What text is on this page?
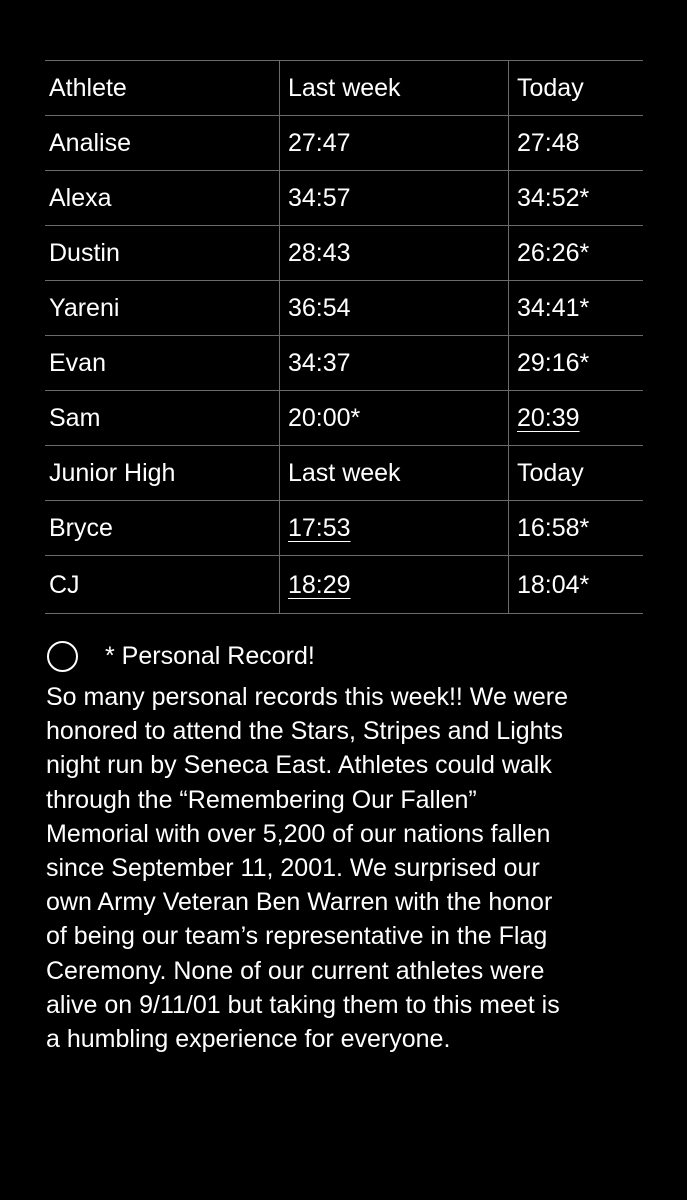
Athlete	Last week	Today
Analise	27:47	27:48
Alexa	34:57	34:52*
Dustin	28:43	26:26*
Yareni	36:54	34:41*
Evan	34:37	29:16*
Sam	20:00*	20:39
Junior High	Last week	Today
Bryce	17:53	16:58*
CJ	18:29	18:04*
* Personal Record!
So many personal records this week!! We were
honored to attend the Stars, Stripes and Lights
night run by Seneca East. Athletes could walk
through the “Remembering Our Fallen”
Memorial with over 5,200 of our nations fallen
since September 11, 2001. We surprised our
own Army Veteran Ben Warren with the honor
of being our team’s representative in the Flag
Ceremony. None of our current athletes were
alive on 9/11/01 but taking them to this meet is
a humbling experience for everyone.
